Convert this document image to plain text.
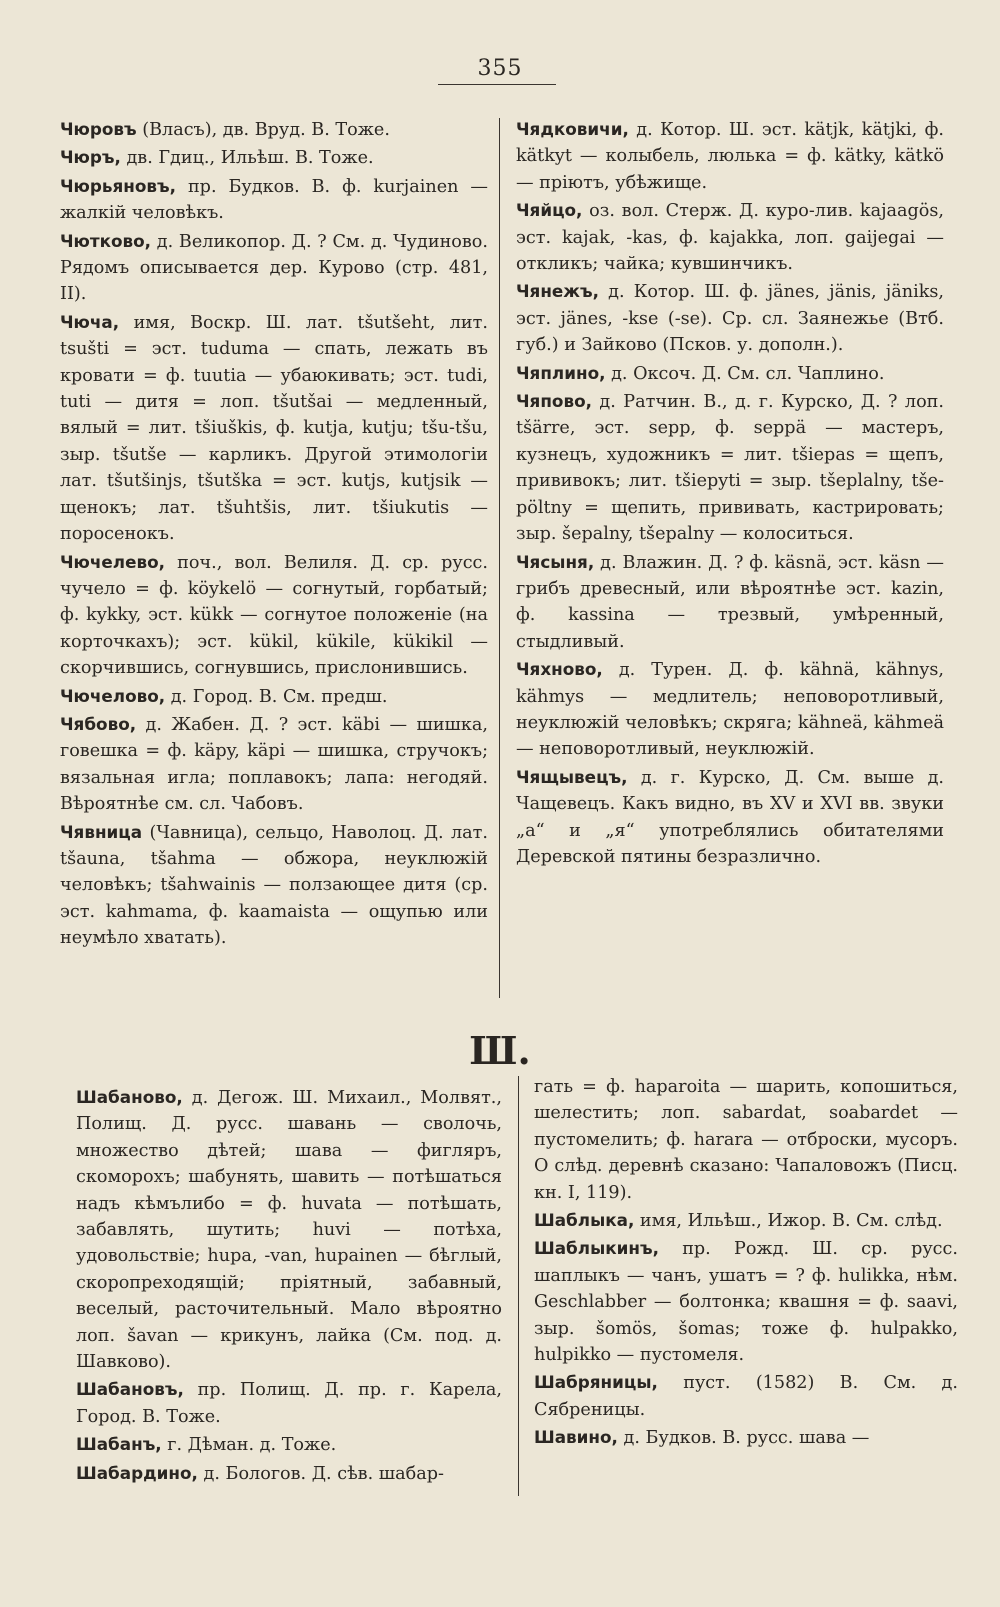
355

Чюровъ (Власъ), дв. Вруд. В. Тоже.

Чюръ, дв. Гдиц., Ильѣш. В. Тоже.

Чюрьяновъ, пр. Будков. В. ф. kurjainen — жалкій человѣкъ.

Чютково, д. Великопор. Д. ? См. д. Чудиново. Рядомъ описывается дер. Курово (стр. 481, II).

Чюча, имя, Воскр. Ш. лат. tšutšeht, лит. tsušti = эст. tuduma — спать, лежать въ кровати = ф. tuutia — убаюкивать; эст. tudi, tuti — дитя = лоп. tšutšai — медленный, вялый = лит. tšiuškis, ф. kutja, kutju; tšu-tšu, зыр. tšutše — карликъ. Другой этимологіи лат. tšutšinjs, tšutška = эст. kutjs, kutjsik — щенокъ; лат. tšuhtšis, лит. tšiukutis — поросенокъ.

Чючелево, поч., вол. Велиля. Д. ср. русс. чучело = ф. köykelö — согнутый, горбатый; ф. kykky, эст. kükk — согнутое положеніе (на корточкахъ); эст. kükil, kükile, kükikil — скорчившись, согнувшись, прислонившись.

Чючелово, д. Город. В. См. предш.

Чябово, д. Жабен. Д. ? эст. käbi — шишка, говешка = ф. käpy, käpi — шишка, стручокъ; вязальная игла; поплавокъ; лапа: негодяй. Вѣроятнѣе см. сл. Чабовъ.

Чявница (Чавница), сельцо, Наволоц. Д. лат. tšauna, tšahma — обжора, неуклюжій человѣкъ; tšahwainis — ползающее дитя (ср. эст. kahmama, ф. kaamaista — ощупью или неумѣло хватать).

Чядковичи, д. Котор. Ш. эст. kätjk, kätjki, ф. kätkyt — колыбель, люлька = ф. kätky, kätkö — пріютъ, убѣжище.

Чяйцо, оз. вол. Стерж. Д. куро-лив. kajaagös, эст. kajak, -kas, ф. kajakka, лоп. gaijegai — откликъ; чайка; кувшинчикъ.

Чянежъ, д. Котор. Ш. ф. jänes, jänis, jäniks, эст. jänes, -kse (-se). Ср. сл. Заянежье (Втб. губ.) и Зайково (Псков. у. дополн.).

Чяплино, д. Оксоч. Д. См. сл. Чаплино.

Чяпово, д. Ратчин. В., д. г. Курско, Д. ? лоп. tšärre, эст. sepp, ф. seppä — мастеръ, кузнецъ, художникъ = лит. tšiepas = щепъ, прививокъ; лит. tšiepyti = зыр. tšeplalny, tše-pöltny = щепить, прививать, кастрировать; зыр. šepalny, tšepalny — колоситься.

Чясыня, д. Влажин. Д. ? ф. käsnä, эст. käsn — грибъ древесный, или вѣроятнѣе эст. kazin, ф. kassina — трезвый, умѣренный, стыдливый.

Чяхново, д. Турен. Д. ф. kähnä, kähnys, kähmys — медлитель; неповоротливый, неуклюжій человѣкъ; скряга; kähneä, kähmeä — неповоротливый, неуклюжій.

Чящывецъ, д. г. Курско, Д. См. выше д. Чащевецъ. Какъ видно, въ XV и XVI вв. звуки „а“ и „я“ употреблялись обитателями Деревской пятины безразлично.

Ш.

Шабаново, д. Дегож. Ш. Михаил., Молвят., Полищ. Д. русс. шавань — сволочь, множество дѣтей; шава — фигляръ, скоморохъ; шабунять, шавить — потѣшаться надъ кѣмълибо = ф. huvata — потѣшать, забавлять, шутить; huvi — потѣха, удовольствіе; hupa, -van, hupainen — бѣглый, скоропреходящій; пріятный, забавный, веселый, расточительный. Мало вѣроятно лоп. šavan — крикунъ, лайка (См. под. д. Шавково).

Шабановъ, пр. Полищ. Д. пр. г. Карела, Город. В. Тоже.

Шабанъ, г. Дѣман. д. Тоже.

Шабардино, д. Бологов. Д. сѣв. шабар-

гать = ф. haparoita — шарить, копошиться, шелестить; лоп. sabardat, soabardet — пустомелить; ф. harara — отброски, мусоръ. О слѣд. деревнѣ сказано: Чапаловожъ (Писц. кн. I, 119).

Шаблыка, имя, Ильѣш., Ижор. В. См. слѣд.

Шаблыкинъ, пр. Рожд. Ш. ср. русс. шаплыкъ — чанъ, ушатъ = ? ф. hulikka, нѣм. Geschlabber — болтонка; квашня = ф. saavi, зыр. šomös, šomas; тоже ф. hulpakko, hulpikko — пустомеля.

Шабряницы, пуст. (1582) В. См. д. Сябреницы.

Шавино, д. Будков. В. русс. шава —
